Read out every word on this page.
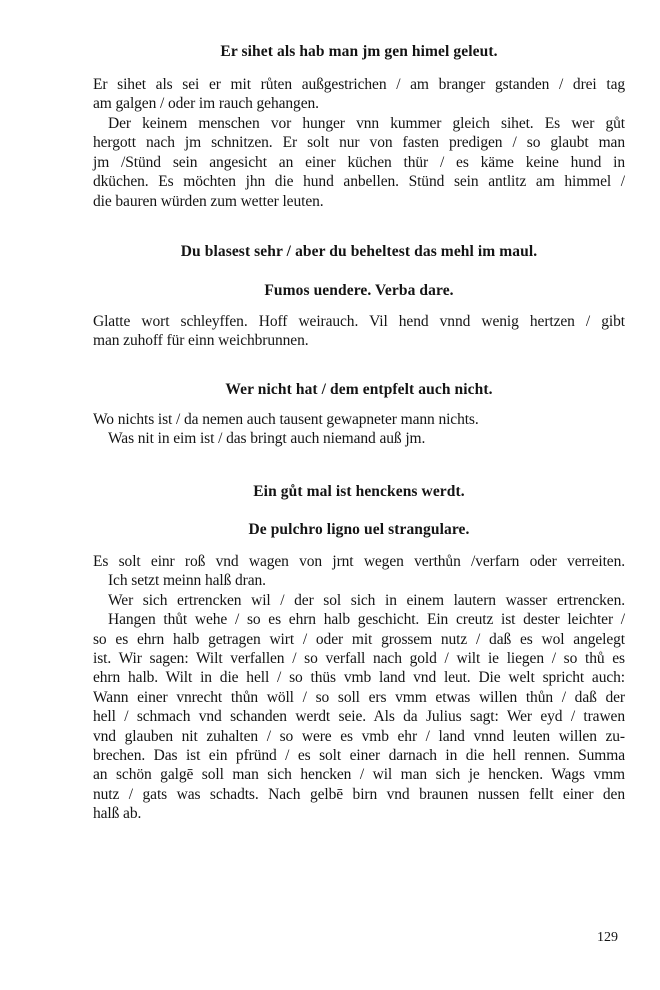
Er sihet als hab man jm gen himel geleut.
Er sihet als sei er mit růten außgestrichen / am branger gstanden / drei tag
am galgen / oder im rauch gehangen.
Der keinem menschen vor hunger vnn kummer gleich sihet. Es wer gůt
hergott nach jm schnitzen. Er solt nur von fasten predigen / so glaubt man
jm /Stünd sein angesicht an einer küchen thür / es käme keine hund in
dküchen. Es möchten jhn die hund anbellen. Stünd sein antlitz am himmel /
die bauren würden zum wetter leuten.
Du blasest sehr / aber du beheltest das mehl im maul.
Fumos uendere. Verba dare.
Glatte wort schleyffen. Hoff weirauch. Vil hend vnnd wenig hertzen / gibt
man zuhoff für einn weichbrunnen.
Wer nicht hat / dem entpfelt auch nicht.
Wo nichts ist / da nemen auch tausent gewapneter mann nichts.
Was nit in eim ist / das bringt auch niemand auß jm.
Ein gůt mal ist henckens werdt.
De pulchro ligno uel strangulare.
Es solt einr roß vnd wagen von jrnt wegen verthůn /verfarn oder verreiten.
Ich setzt meinn halß dran.
Wer sich ertrencken wil / der sol sich in einem lautern wasser ertrencken.
Hangen thůt wehe / so es ehrn halb geschicht. Ein creutz ist dester leichter /
so es ehrn halb getragen wirt / oder mit grossem nutz / daß es wol angelegt
ist. Wir sagen: Wilt verfallen / so verfall nach gold / wilt ie liegen / so thů es
ehrn halb. Wilt in die hell / so thüs vmb land vnd leut. Die welt spricht auch:
Wann einer vnrecht thůn wöll / so soll ers vmm etwas willen thůn / daß der
hell / schmach vnd schanden werdt seie. Als da Julius sagt: Wer eyd / trawen
vnd glauben nit zuhalten / so were es vmb ehr / land vnnd leuten willen zu-
brechen. Das ist ein pfründ / es solt einer darnach in die hell rennen. Summa
an schön galgē soll man sich hencken / wil man sich je hencken. Wags vmm
nutz / gats was schadts. Nach gelbē birn vnd braunen nussen fellt einer den
halß ab.
129
